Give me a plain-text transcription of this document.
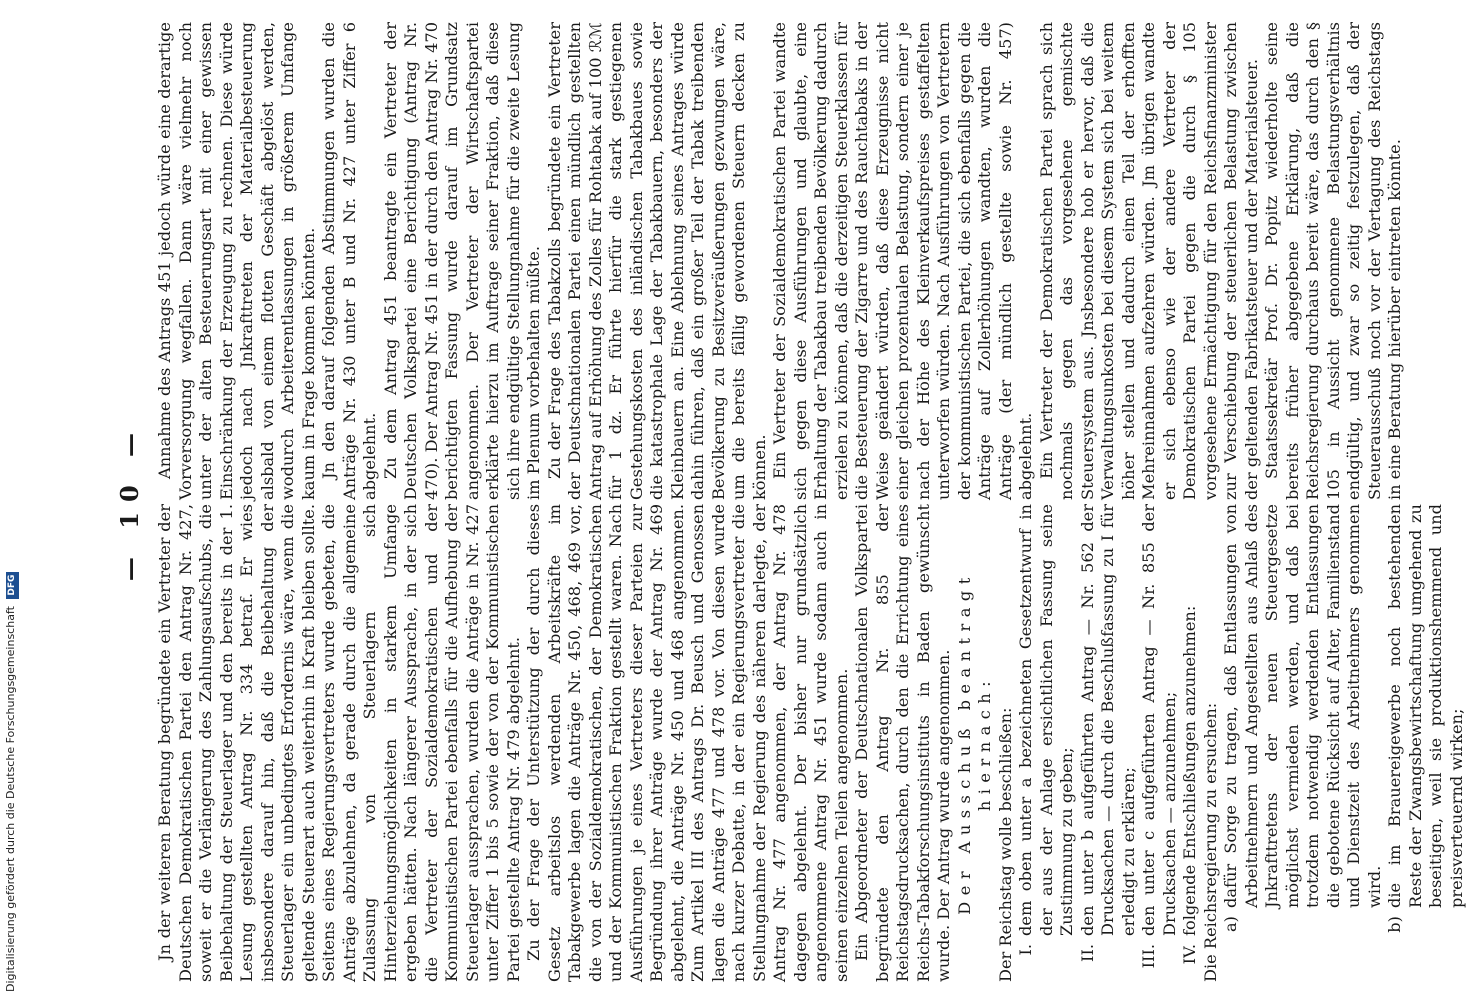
— 10 —

Jn der weiteren Beratung begründete ein Vertreter der Deutschen Demokratischen Partei den Antrag Nr. 427, soweit er die Verlängerung des Zahlungsaufschubs, die Beibehaltung der Steuerlager und den bereits in der 1. Lesung gestellten Antrag Nr. 334 betraf. Er wies insbesondere darauf hin, daß die Beibehaltung der Steuerlager ein unbedingtes Erfordernis wäre, wenn die geltende Steuerart auch weiterhin in Kraft bleiben sollte. Seitens eines Regierungsvertreters wurde gebeten, die Anträge abzulehnen, da gerade durch die allgemeine Zulassung von Steuerlagern sich Hinterziehungsmöglichkeiten in starkem Umfange ergeben hätten. Nach längerer Aussprache, in der sich die Vertreter der Sozialdemokratischen und der Kommunistischen Partei ebenfalls für die Aufhebung der Steuerlager aussprachen, wurden die Anträge in Nr. 427 unter Ziffer 1 bis 5 sowie der von der Kommunistischen Partei gestellte Antrag Nr. 479 abgelehnt. Zu der Frage der Unterstützung der durch dieses Gesetz arbeitslos werdenden Arbeitskräfte im Tabakgewerbe lagen die Anträge Nr. 450, 468, 469 vor, die von der Sozialdemokratischen, der Demokratischen und der Kommunistischen Fraktion gestellt waren. Nach Ausführungen je eines Vertreters dieser Parteien zur Begründung ihrer Anträge wurde der Antrag Nr. 469 abgelehnt, die Anträge Nr. 450 und 468 angenommen. Zum Artikel III des Antrags Dr. Beusch und Genossen lagen die Anträge 477 und 478 vor. Von diesen wurde nach kurzer Debatte, in der ein Regierungsvertreter die Stellungnahme der Regierung des näheren darlegte, der Antrag Nr. 477 angenommen, der Antrag Nr. 478 dagegen abgelehnt. Der bisher nur grundsätzlich angenommene Antrag Nr. 451 wurde sodann auch in seinen einzelnen Teilen angenommen. Ein Abgeordneter der Deutschnationalen Volkspartei begründete den Antrag Nr. 855 der Reichstagsdrucksachen, durch den die Errichtung eines Reichs-Tabakforschungsinstituts in Baden gewünscht wurde. Der Antrag wurde angenommen. Der Ausschuß beantragt hiernach: Der Reichstag wolle beschließen: I.
dem oben unter a bezeichneten Gesetzentwurf in der aus der Anlage ersichtlichen Fassung seine Zustimmung zu geben;
II.
den unter b aufgeführten Antrag — Nr. 562 der Drucksachen — durch die Beschlußfassung zu I für erledigt zu erklären;
III.
den unter c aufgeführten Antrag — Nr. 855 der Drucksachen — anzunehmen;
IV.
folgende Entschließungen anzunehmen: Die Reichsregierung zu ersuchen: a)
dafür Sorge zu tragen, daß Entlassungen von Arbeitnehmern und Angestellten aus Anlaß des Jnkrafttretens der neuen Steuergesetze möglichst vermieden werden, und daß bei trotzdem notwendig werdenden Entlassungen die gebotene Rücksicht auf Alter, Familienstand und Dienstzeit des Arbeitnehmers genommen wird.
b)
die im Brauereigewerbe noch bestehenden Reste der Zwangsbewirtschaftung umgehend zu beseitigen, weil sie produktionshemmend und preisverteuernd wirken;

Annahme des Antrags 451 jedoch würde eine derartige Vorversorgung wegfallen. Dann wäre vielmehr noch unter der alten Besteuerungsart mit einer gewissen Einschränkung der Erzeugung zu rechnen. Diese würde jedoch nach Jnkrafttreten der Materialbesteuerung alsbald von einem flotten Geschäft abgelöst werden, wodurch Arbeiterentlassungen in größerem Umfange kaum in Frage kommen könnten. Jn den darauf folgenden Abstimmungen wurden die Anträge Nr. 430 unter B und Nr. 427 unter Ziffer 6 abgelehnt. Zu dem Antrag 451 beantragte ein Vertreter der Deutschen Volkspartei eine Berichtigung (Antrag Nr. 470). Der Antrag Nr. 451 in der durch den Antrag Nr. 470 berichtigten Fassung wurde darauf im Grundsatz angenommen. Der Vertreter der Wirtschaftspartei erklärte hierzu im Auftrage seiner Fraktion, daß diese sich ihre endgültige Stellungnahme für die zweite Lesung im Plenum vorbehalten müßte. Zu der Frage des Tabakzolls begründete ein Vertreter der Deutschnationalen Partei einen mündlich gestellten Antrag auf Erhöhung des Zolles für Rohtabak auf 100 ℛℳ für 1 dz. Er führte hierfür die stark gestiegenen Gestehungskosten des inländischen Tabakbaues sowie die katastrophale Lage der Tabakbauern, besonders der Kleinbauern an. Eine Ablehnung seines Antrages würde dahin führen, daß ein großer Teil der Tabak treibenden Bevölkerung zu Besitzveräußerungen gezwungen wäre, um die bereits fällig gewordenen Steuern decken zu können. Ein Vertreter der Sozialdemokratischen Partei wandte sich gegen diese Ausführungen und glaubte, eine Erhaltung der Tabakbau treibenden Bevölkerung dadurch erzielen zu können, daß die derzeitigen Steuerklassen für die Besteuerung der Zigarre und des Rauchtabaks in der Weise geändert würden, daß diese Erzeugnisse nicht einer gleichen prozentualen Belastung, sondern einer je nach der Höhe des Kleinverkaufspreises gestaffelten unterworfen würden. Nach Ausführungen von Vertretern der kommunistischen Partei, die sich ebenfalls gegen die Anträge auf Zollerhöhungen wandten, wurden die Anträge (der mündlich gestellte sowie Nr. 457) abgelehnt. Ein Vertreter der Demokratischen Partei sprach sich nochmals gegen das vorgesehene gemischte Steuersystem aus. Jnsbesondere hob er hervor, daß die Verwaltungsunkosten bei diesem System sich bei weitem höher stellen und dadurch einen Teil der erhofften Mehreinnahmen aufzehren würden. Jm übrigen wandte er sich ebenso wie der andere Vertreter der Demokratischen Partei gegen die durch § 105 vorgesehene Ermächtigung für den Reichsfinanzminister zur Verschiebung der steuerlichen Belastung zwischen der geltenden Fabrikatsteuer und der Materialsteuer. Staatssekretär Prof. Dr. Popitz wiederholte seine bereits früher abgegebene Erklärung, daß die Reichsregierung durchaus bereit wäre, das durch den § 105 in Aussicht genommene Belastungsverhältnis endgültig, und zwar so zeitig festzulegen, daß der Steuerausschuß noch vor der Vertagung des Reichstags in eine Beratung hierüber eintreten könnte.

Digitalisierung gefördert durch die Deutsche Forschungsgemeinschaft DFG
